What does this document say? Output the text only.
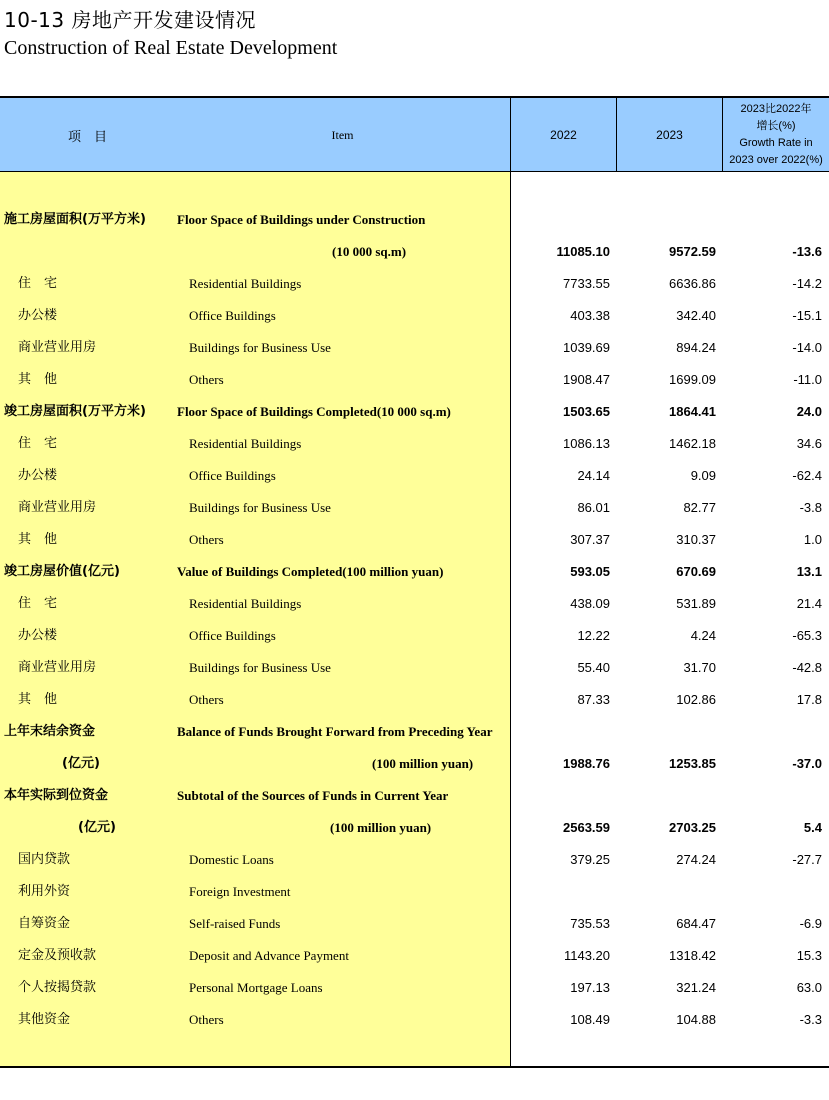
10-13 房地产开发建设情况
Construction of Real Estate Development
项　目	Item	2022	2023
2023比2022年
增长(%)
Growth Rate in
2023 over 2022(%)
施工房屋面积(万平方米) Floor Space of Buildings under Construction
(10 000 sq.m)	11085.10	9572.59	-13.6
住　宅	Residential Buildings	7733.55	6636.86	-14.2
办公楼	Office Buildings	403.38	342.40	-15.1
商业营业用房	Buildings for Business Use	1039.69	894.24	-14.0
其　他	Others	1908.47	1699.09	-11.0
竣工房屋面积(万平方米) Floor Space of Buildings Completed(10 000 sq.m)	1503.65	1864.41	24.0
住　宅	Residential Buildings	1086.13	1462.18	34.6
办公楼	Office Buildings	24.14	9.09	-62.4
商业营业用房	Buildings for Business Use	86.01	82.77	-3.8
其　他	Others	307.37	310.37	1.0
竣工房屋价值(亿元)	Value of Buildings Completed(100 million yuan)	593.05	670.69	13.1
住　宅	Residential Buildings	438.09	531.89	21.4
办公楼	Office Buildings	12.22	4.24	-65.3
商业营业用房	Buildings for Business Use	55.40	31.70	-42.8
其　他	Others	87.33	102.86	17.8
上年末结余资金	Balance of Funds Brought Forward from Preceding Year
(亿元)	(100 million yuan)	1988.76	1253.85	-37.0
本年实际到位资金	Subtotal of the Sources of Funds in Current Year
(亿元)	(100 million yuan)	2563.59	2703.25	5.4
国内贷款	Domestic Loans	379.25	274.24	-27.7
利用外资	Foreign Investment
自筹资金	Self-raised Funds	735.53	684.47	-6.9
定金及预收款	Deposit and Advance Payment	1143.20	1318.42	15.3
个人按揭贷款	Personal Mortgage Loans	197.13	321.24	63.0
其他资金	Others	108.49	104.88	-3.3
